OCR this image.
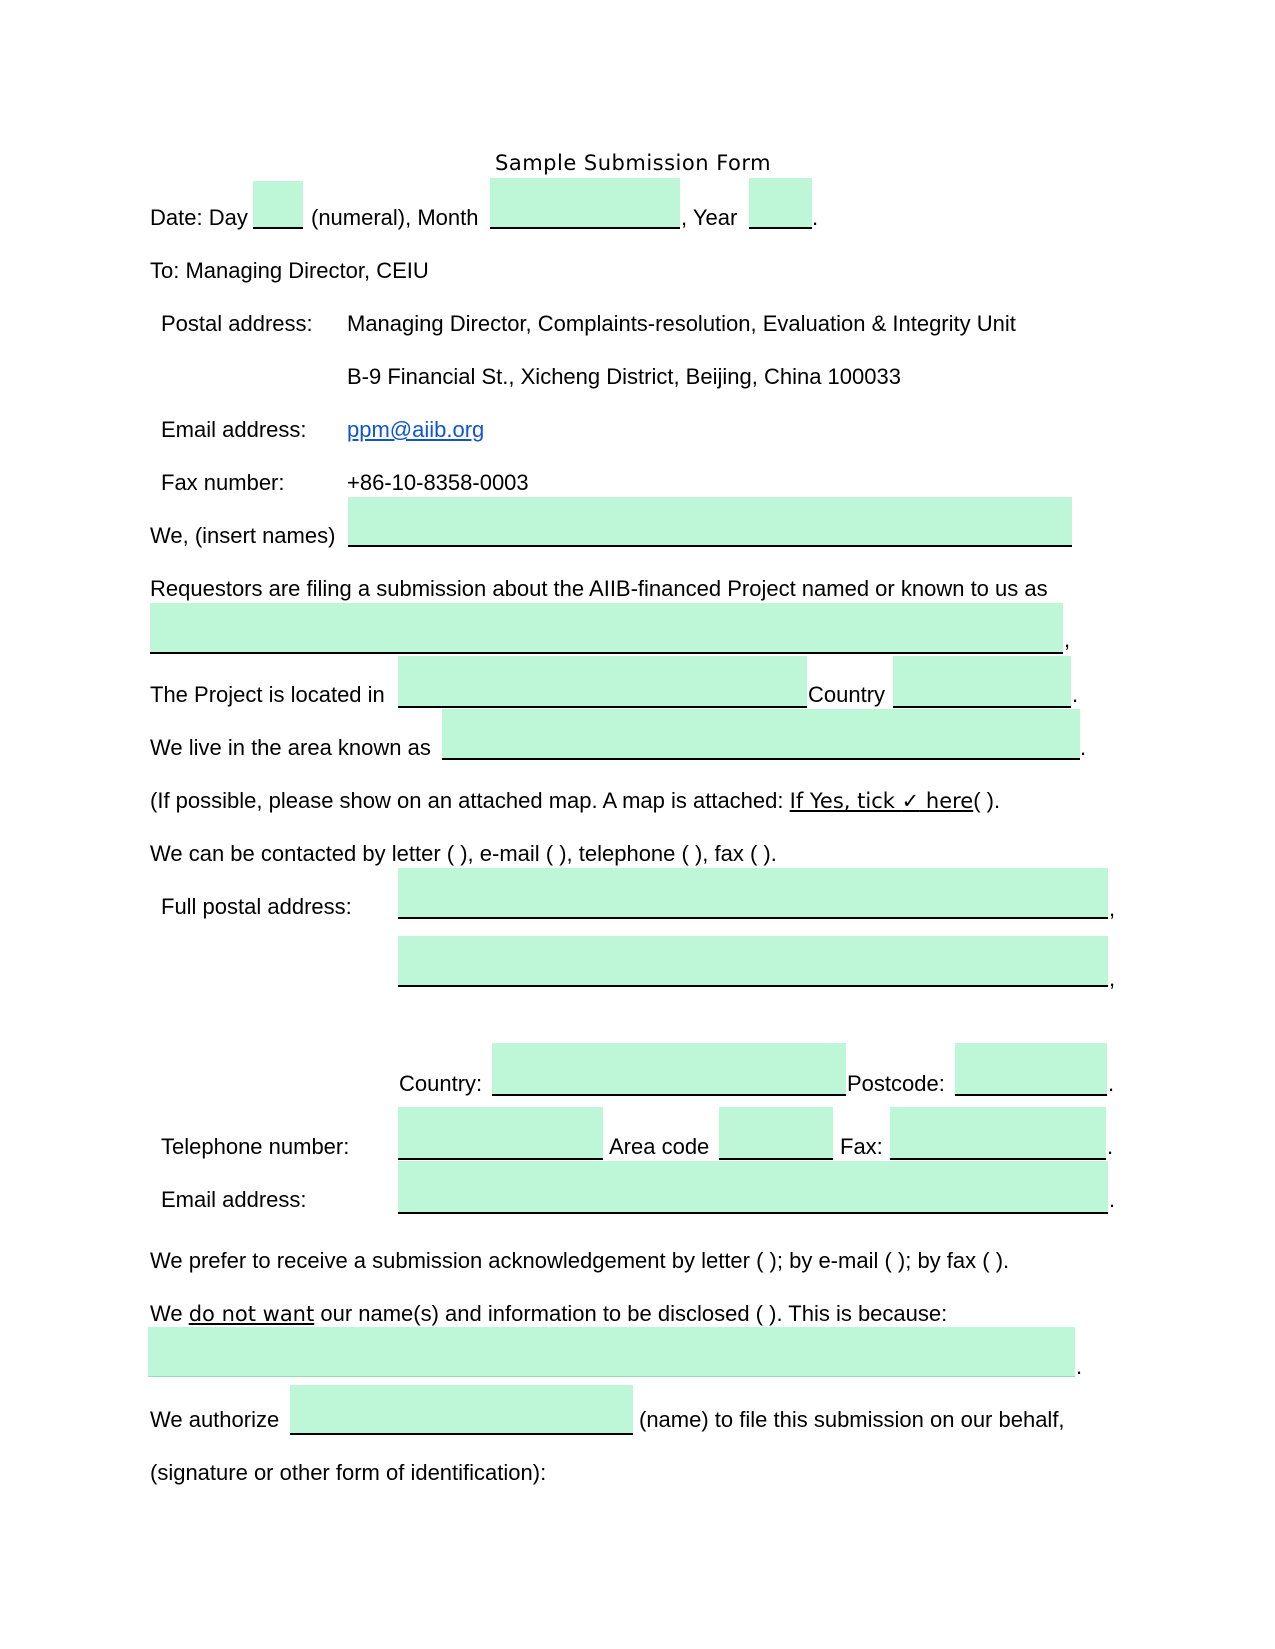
Sample Submission Form
Date: Day	(numeral), Month	, Year	.
To: Managing Director, CEIU
Postal address: Managing Director, Complaints-resolution, Evaluation & Integrity Unit
B-9 Financial St., Xicheng District, Beijing, China 100033
Email address: ppm@aiib.org
Fax number:	+86-10-8358-0003
We, (insert names)
Requestors are filing a submission about the AIIB-financed Project named or known to us as
,
The Project is located in	Country	.
We live in the area known as	.
(If possible, please show on an attached map. A map is attached: If Yes, tick ✓ here( ).
We can be contacted by letter ( ), e-mail ( ), telephone ( ), fax ( ).
Full postal address:	,
,
Country:	Postcode:	.
Telephone number:	Area code	Fax:	.
Email address:	.
We prefer to receive a submission acknowledgement by letter ( ); by e-mail ( ); by fax ( ).
We do not want our name(s) and information to be disclosed ( ). This is because:
.
We authorize	(name) to file this submission on our behalf,
(signature or other form of identification):
